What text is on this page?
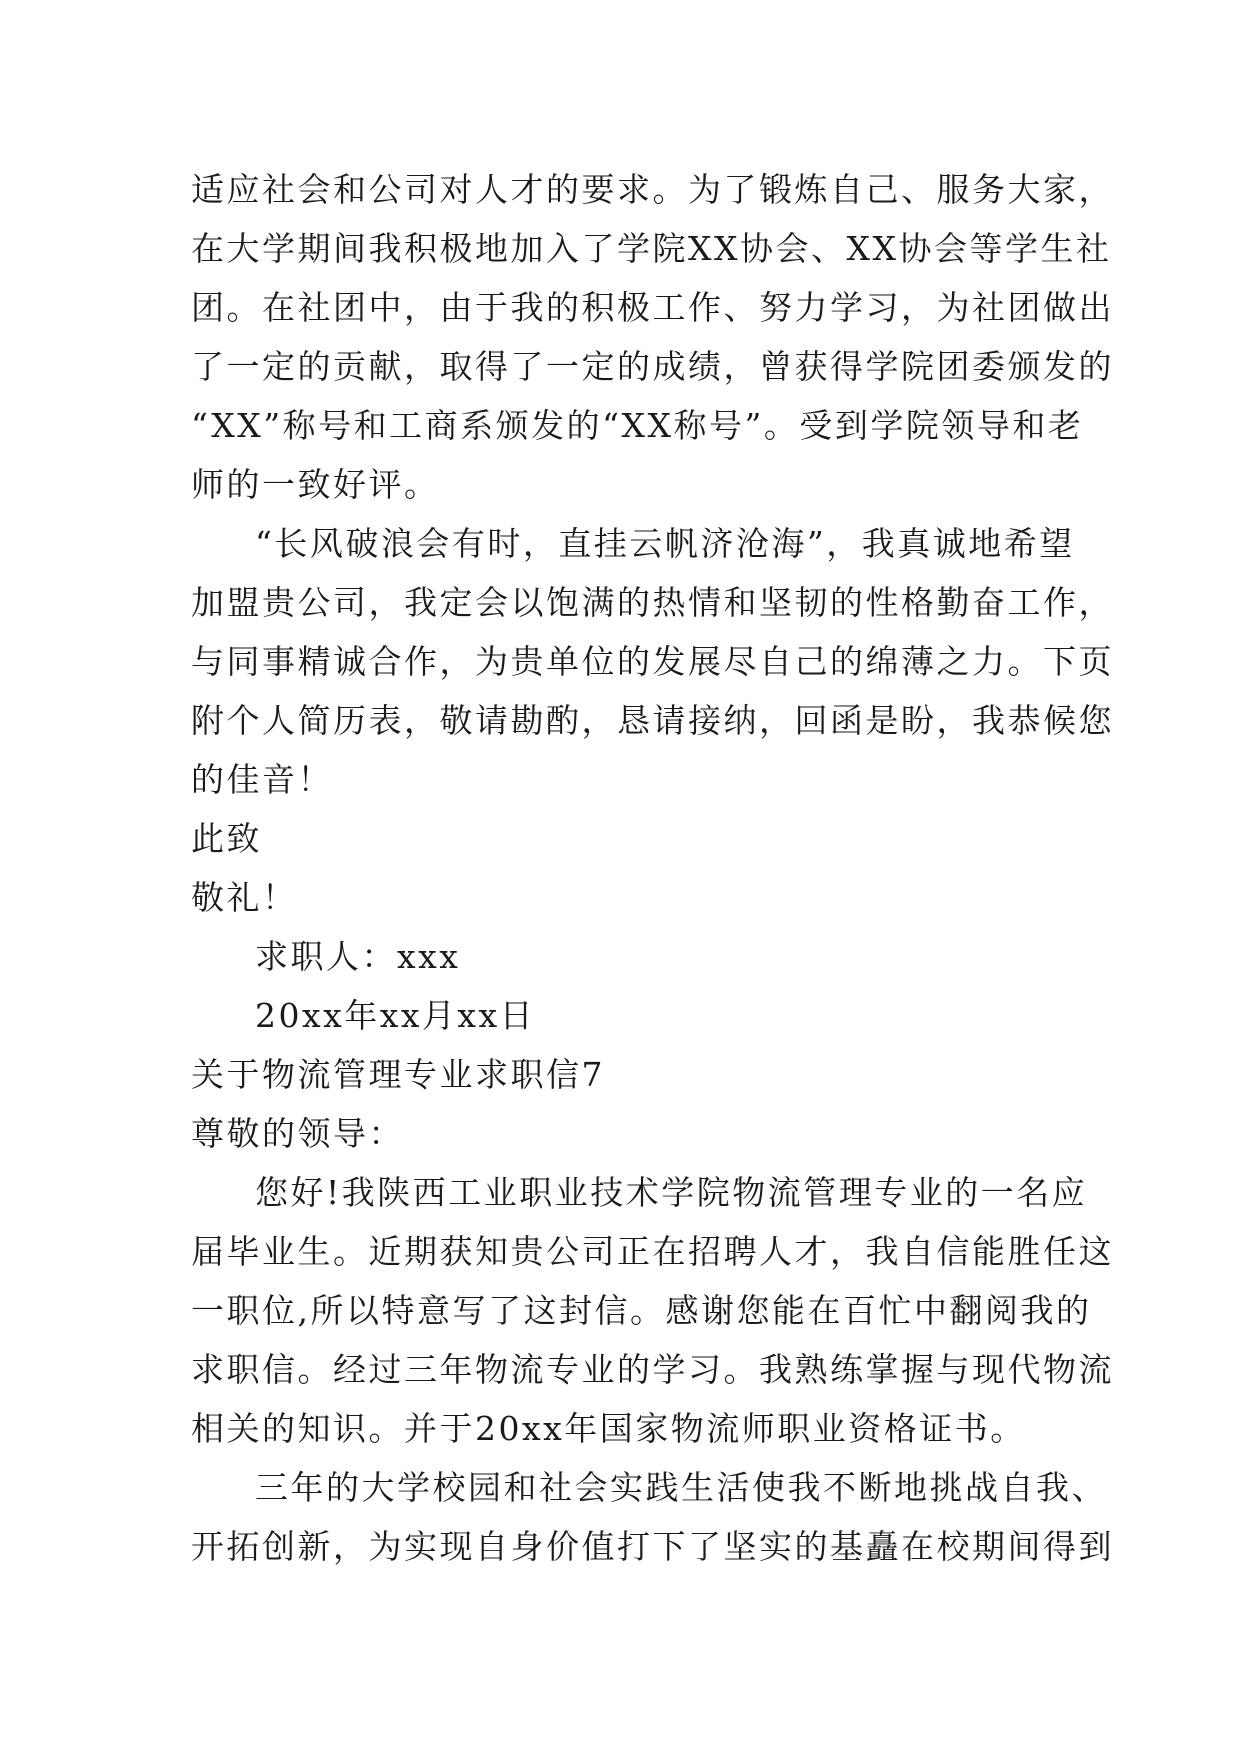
适应社会和公司对人才的要求。为了锻炼自己、服务大家，
在大学期间我积极地加入了学院XX协会、XX协会等学生社
团。在社团中，由于我的积极工作、努力学习，为社团做出
了一定的贡献，取得了一定的成绩，曾获得学院团委颁发的
“XX”称号和工商系颁发的“XX称号”。受到学院领导和老
师的一致好评。
“长风破浪会有时，直挂云帆济沧海”，我真诚地希望
加盟贵公司，我定会以饱满的热情和坚韧的性格勤奋工作，
与同事精诚合作，为贵单位的发展尽自己的绵薄之力。下页
附个人简历表，敬请勘酌，恳请接纳，回函是盼，我恭候您
的佳音！
此致
敬礼！
求职人：xxx
20xx年xx月xx日
关于物流管理专业求职信7
尊敬的领导：
您好!我陕西工业职业技术学院物流管理专业的一名应
届毕业生。近期获知贵公司正在招聘人才，我自信能胜任这
一职位,所以特意写了这封信。感谢您能在百忙中翻阅我的
求职信。经过三年物流专业的学习。我熟练掌握与现代物流
相关的知识。并于20xx年国家物流师职业资格证书。
三年的大学校园和社会实践生活使我不断地挑战自我、
开拓创新，为实现自身价值打下了坚实的基矗在校期间得到
